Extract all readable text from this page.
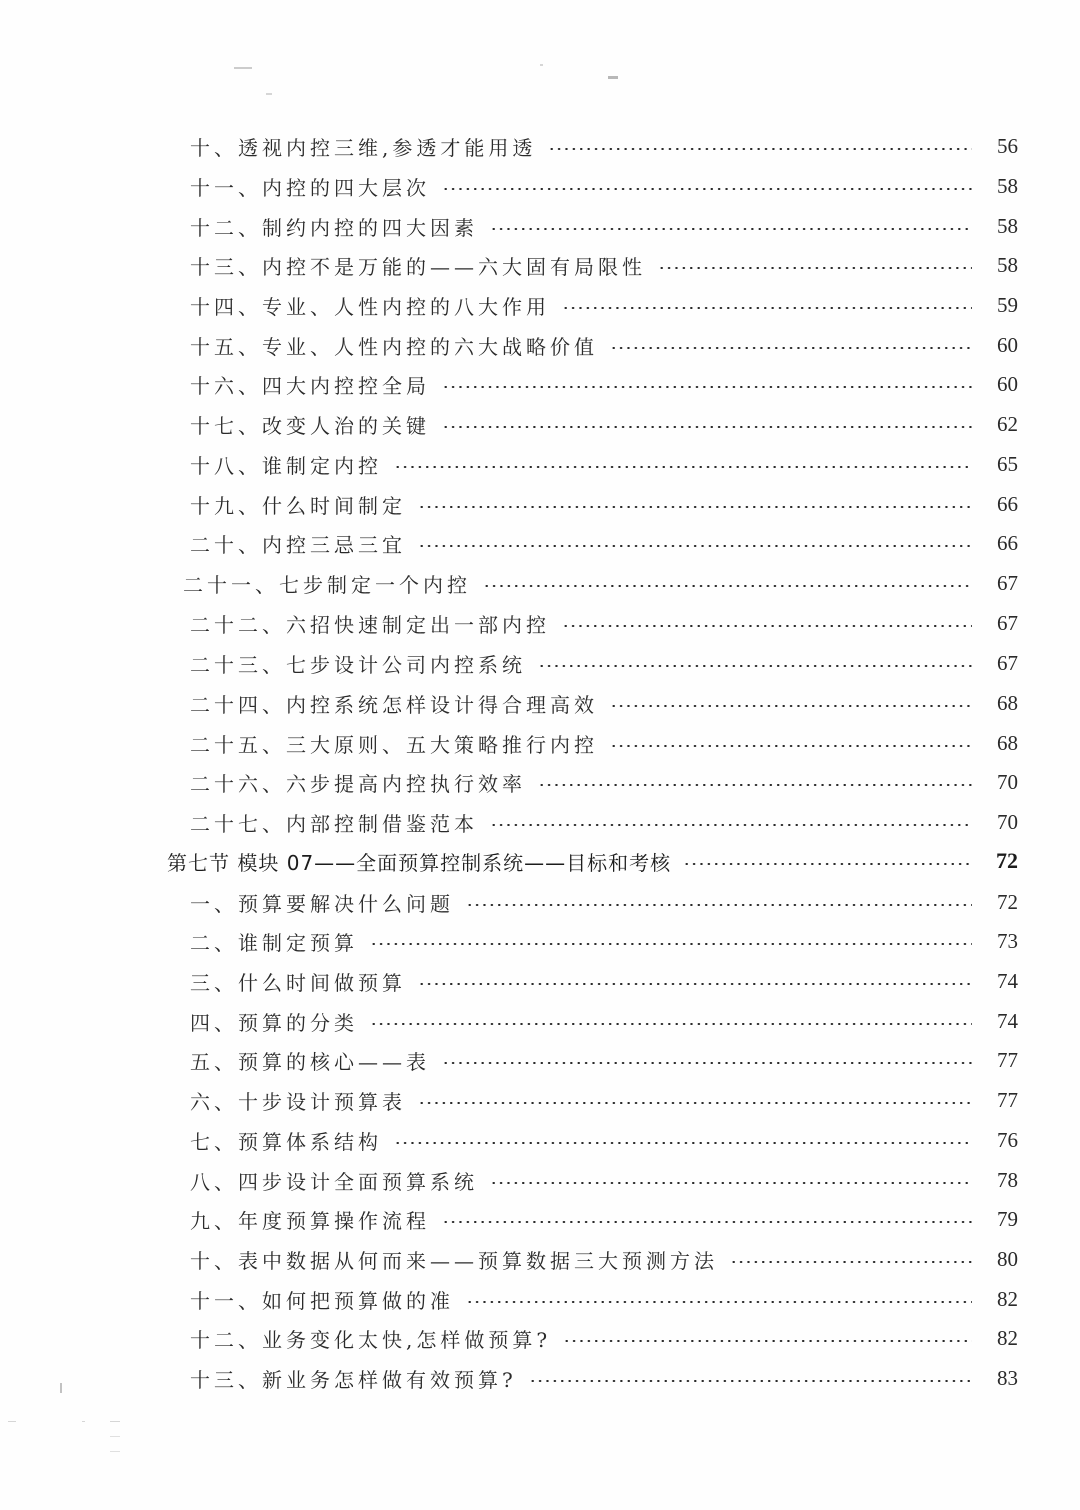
十、透视内控三维,参透才能用透	56
十一、内控的四大层次	58
十二、制约内控的四大因素	58
十三、内控不是万能的——六大固有局限性	58
十四、专业、人性内控的八大作用	59
十五、专业、人性内控的六大战略价值	60
十六、四大内控控全局	60
十七、改变人治的关键	62
十八、谁制定内控	65
十九、什么时间制定	66
二十、内控三忌三宜	66
二十一、七步制定一个内控	67
二十二、六招快速制定出一部内控	67
二十三、七步设计公司内控系统	67
二十四、内控系统怎样设计得合理高效	68
二十五、三大原则、五大策略推行内控	68
二十六、六步提高内控执行效率	70
二十七、内部控制借鉴范本	70
第七节 模块 07——全面预算控制系统——目标和考核	72
一、预算要解决什么问题	72
二、谁制定预算	73
三、什么时间做预算	74
四、预算的分类	74
五、预算的核心——表	77
六、十步设计预算表	77
七、预算体系结构	76
八、四步设计全面预算系统	78
九、年度预算操作流程	79
十、表中数据从何而来——预算数据三大预测方法	80
十一、如何把预算做的准	82
十二、业务变化太快,怎样做预算?	82
十三、新业务怎样做有效预算?	83
